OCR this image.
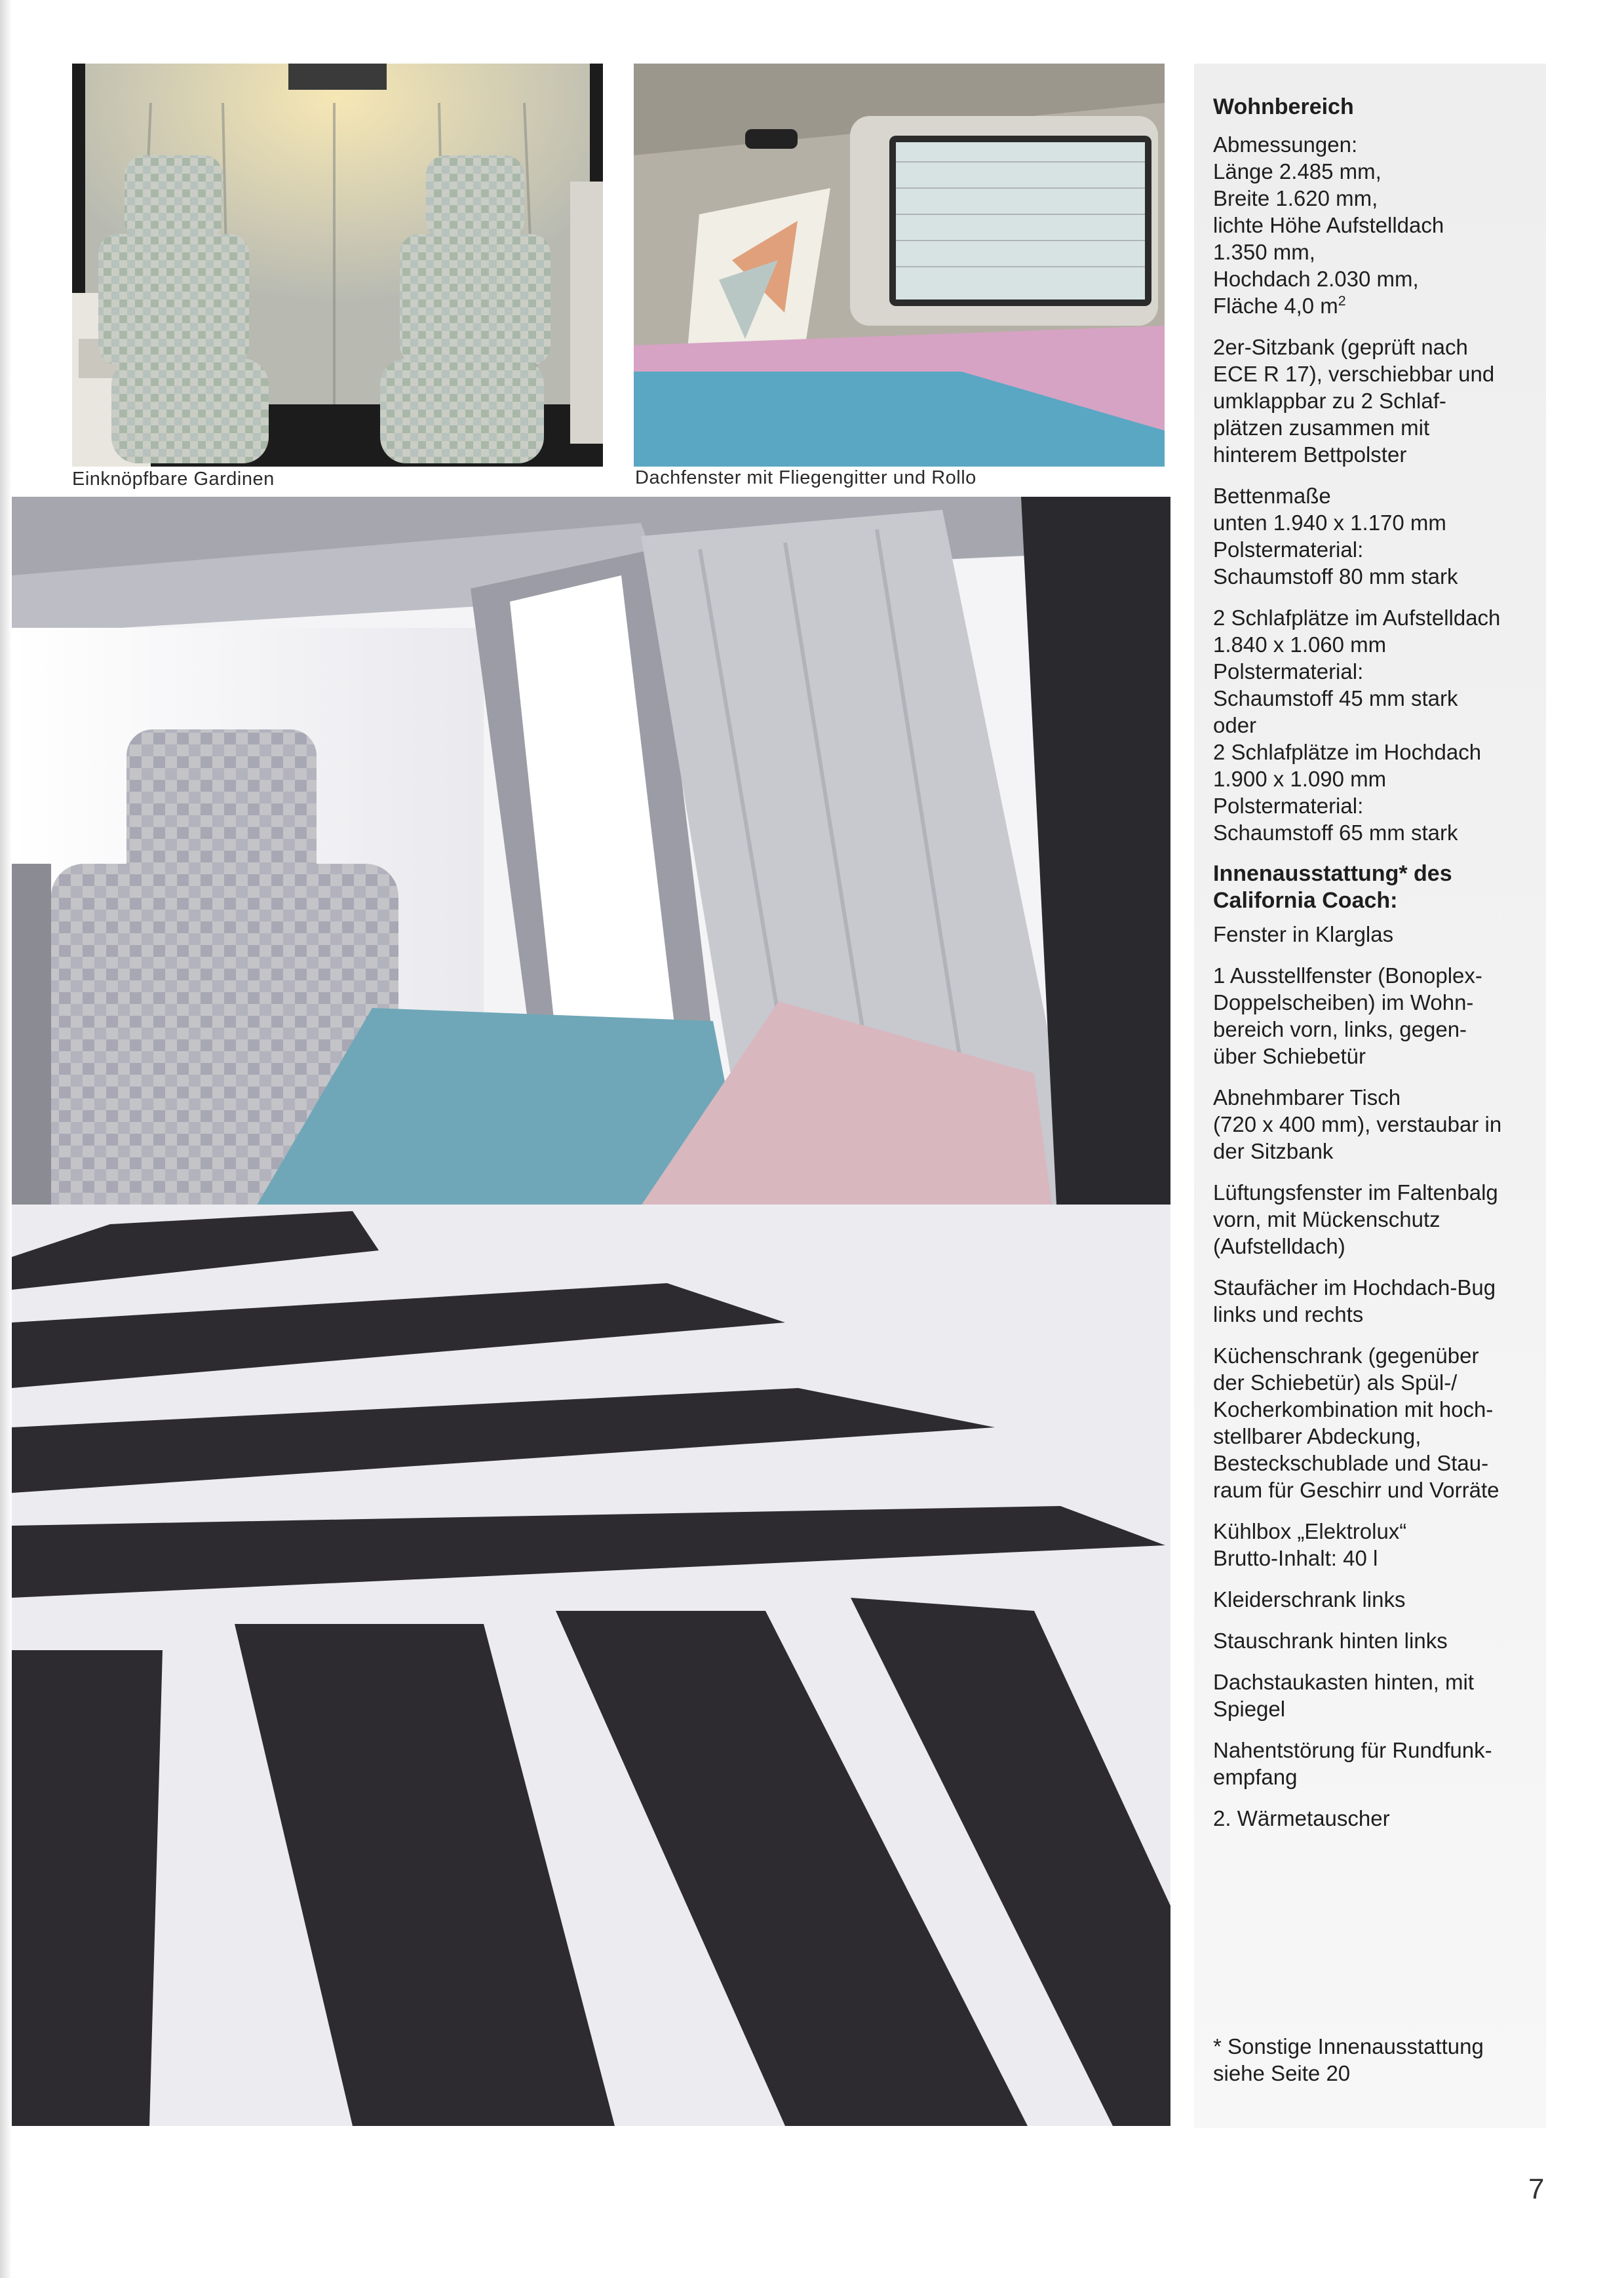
Einknöpfbare Gardinen	Dachfenster mit Fliegengitter und Rollo
Wohnbereich

Abmessungen:
Länge 2.485 mm,
Breite 1.620 mm,
lichte Höhe Aufstelldach
1.350 mm,
Hochdach 2.030 mm,
Fläche 4,0 $m^2$

2er-Sitzbank (geprüft nach
ECE R 17), verschiebbar und
umklappbar zu 2 Schlaf-
plätzen zusammen mit
hinterem Bettpolster

Bettenmaße
unten 1.940 x 1.170 mm
Polstermaterial:
Schaumstoff 80 mm stark

2 Schlafplätze im Aufstelldach
1.840 x 1.060 mm
Polstermaterial:
Schaumstoff 45 mm stark
oder
2 Schlafplätze im Hochdach
1.900 x 1.090 mm
Polstermaterial:
Schaumstoff 65 mm stark

Innenausstattung* des
California Coach:

Fenster in Klarglas

1 Ausstellfenster (Bonoplex-
Doppelscheiben) im Wohn-
bereich vorn, links, gegen-
über Schiebetür

Abnehmbarer Tisch
(720 x 400 mm), verstaubar in
der Sitzbank

Lüftungsfenster im Faltenbalg
vorn, mit Mückenschutz
(Aufstelldach)

Staufächer im Hochdach-Bug
links und rechts

Küchenschrank (gegenüber
der Schiebetür) als Spül-/
Kocherkombination mit hoch-
stellbarer Abdeckung,
Besteckschublade und Stau-
raum für Geschirr und Vorräte

Kühlbox „Elektrolux“
Brutto-Inhalt: 40 l

Kleiderschrank links

Stauschrank hinten links

Dachstaukasten hinten, mit
Spiegel

Nahentstörung für Rundfunk-
empfang

2. Wärmetauscher

* Sonstige Innenausstattung
siehe Seite 20
7
